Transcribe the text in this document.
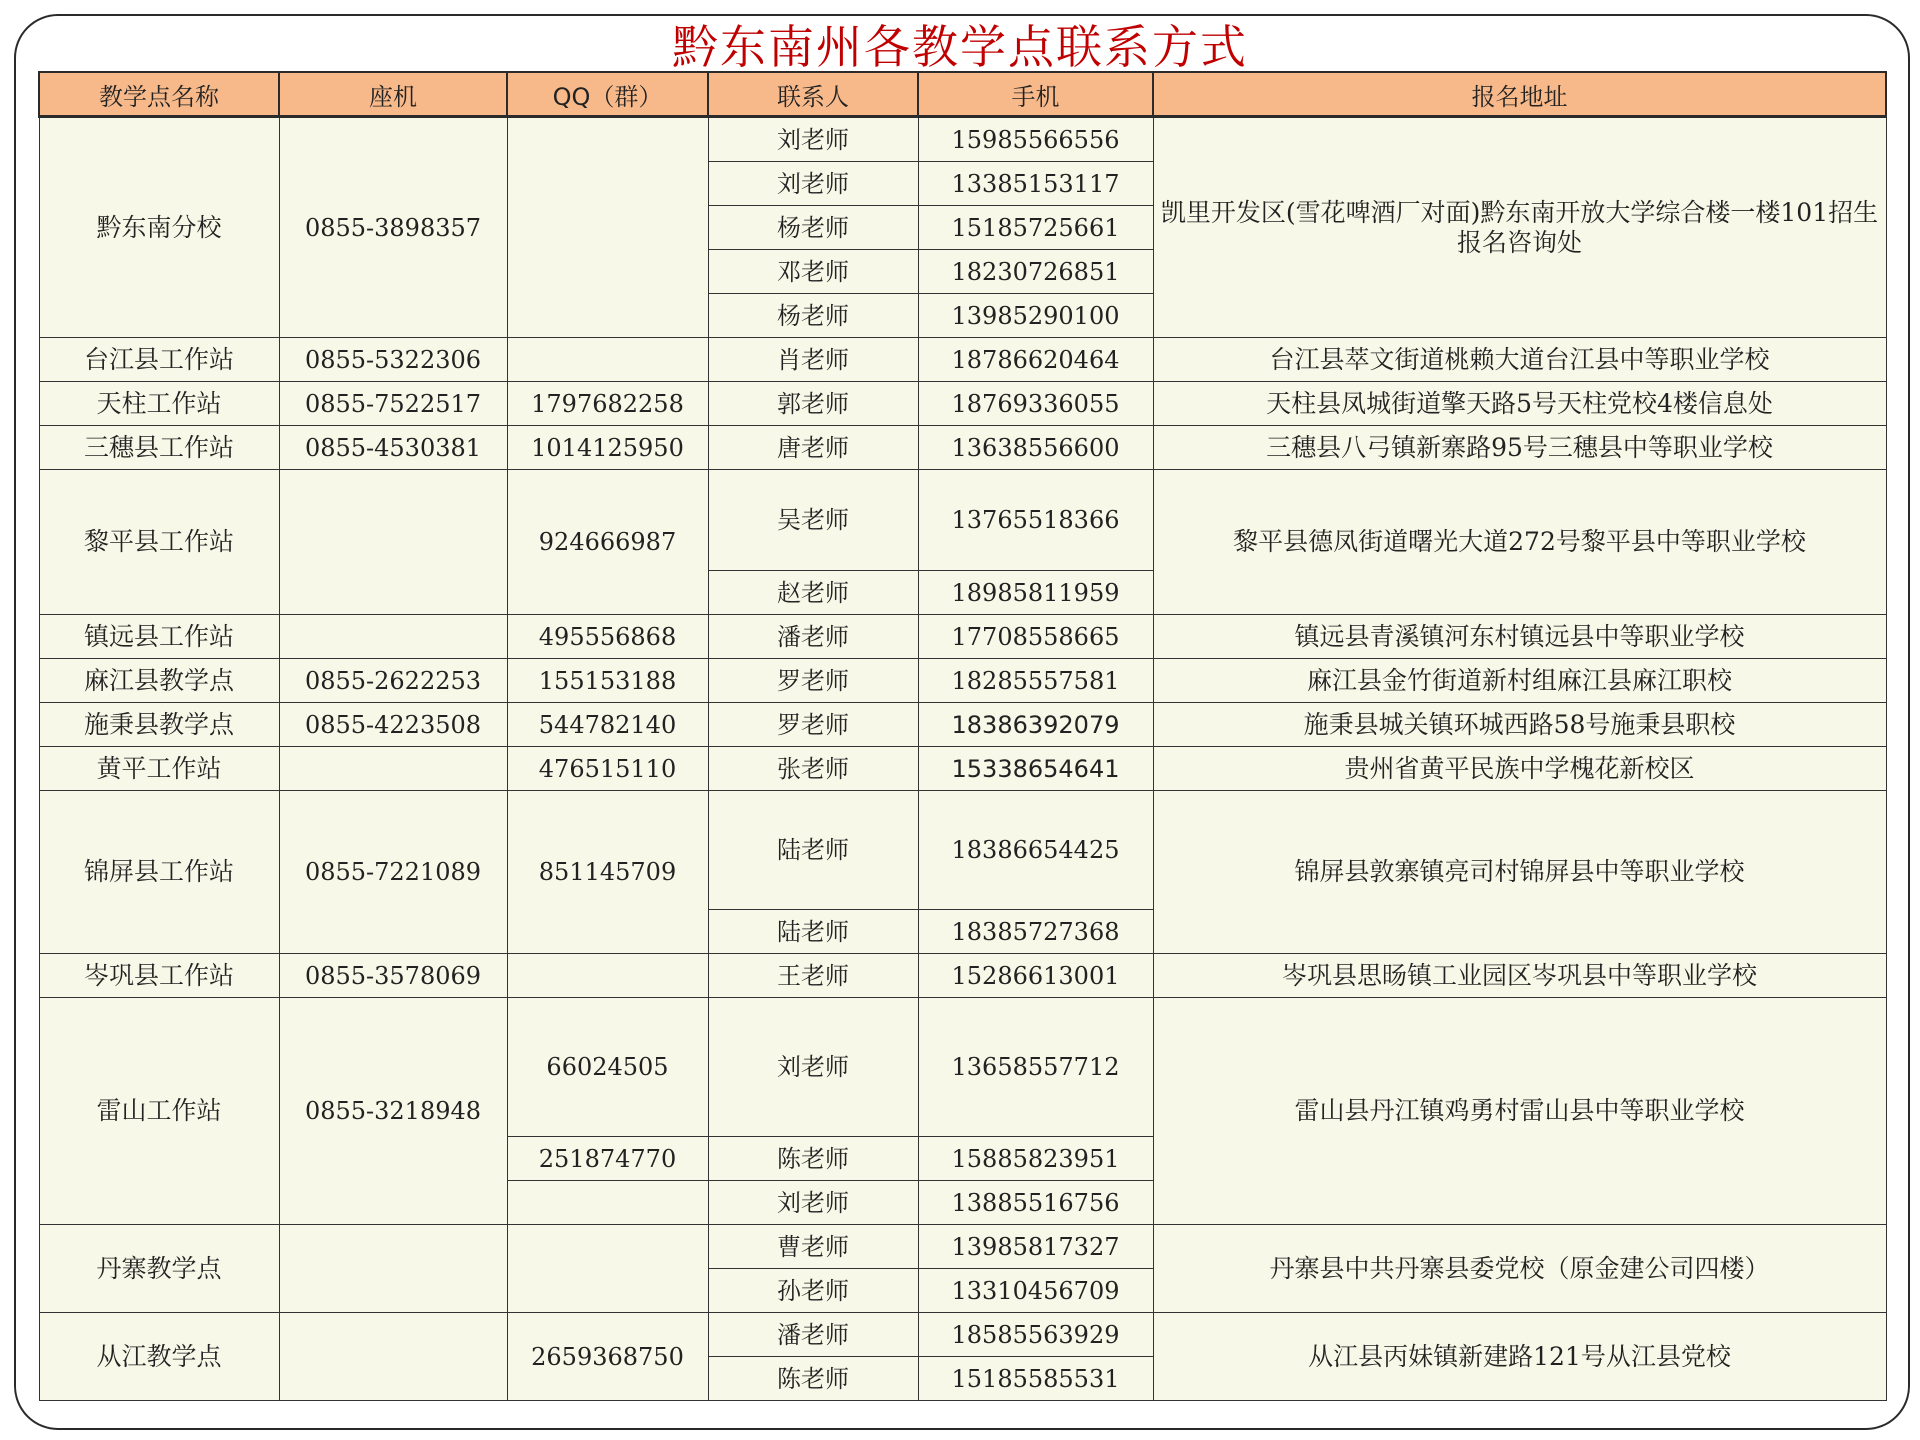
黔东南州各教学点联系方式
教学点名称	座机	QQ（群）	联系人	手机	报名地址
黔东南分校	0855-3898357		刘老师	15985566556	凯里开发区(雪花啤酒厂对面)黔东南开放大学综合楼一楼101招生报名咨询处
			刘老师	13385153117	
			杨老师	15185725661	
			邓老师	18230726851	
			杨老师	13985290100	
台江县工作站	0855-5322306		肖老师	18786620464	台江县萃文街道桃赖大道台江县中等职业学校
天柱工作站	0855-7522517	1797682258	郭老师	18769336055	天柱县凤城街道擎天路5号天柱党校4楼信息处
三穗县工作站	0855-4530381	1014125950	唐老师	13638556600	三穗县八弓镇新寨路95号三穗县中等职业学校
黎平县工作站		924666987	吴老师	13765518366	黎平县德凤街道曙光大道272号黎平县中等职业学校
			赵老师	18985811959	
镇远县工作站		495556868	潘老师	17708558665	镇远县青溪镇河东村镇远县中等职业学校
麻江县教学点	0855-2622253	155153188	罗老师	18285557581	麻江县金竹街道新村组麻江县麻江职校
施秉县教学点	0855-4223508	544782140	罗老师	18386392079	施秉县城关镇环城西路58号施秉县职校
黄平工作站		476515110	张老师	15338654641	贵州省黄平民族中学槐花新校区
锦屏县工作站	0855-7221089	851145709	陆老师	18386654425	锦屏县敦寨镇亮司村锦屏县中等职业学校
			陆老师	18385727368	
岑巩县工作站	0855-3578069		王老师	15286613001	岑巩县思旸镇工业园区岑巩县中等职业学校
雷山工作站	0855-3218948	66024505	刘老师	13658557712	雷山县丹江镇鸡勇村雷山县中等职业学校
		251874770	陈老师	15885823951	
			刘老师	13885516756	
丹寨教学点			曹老师	13985817327	丹寨县中共丹寨县委党校（原金建公司四楼）
			孙老师	13310456709	
从江教学点		2659368750	潘老师	18585563929	从江县丙妹镇新建路121号从江县党校
			陈老师	15185585531	
